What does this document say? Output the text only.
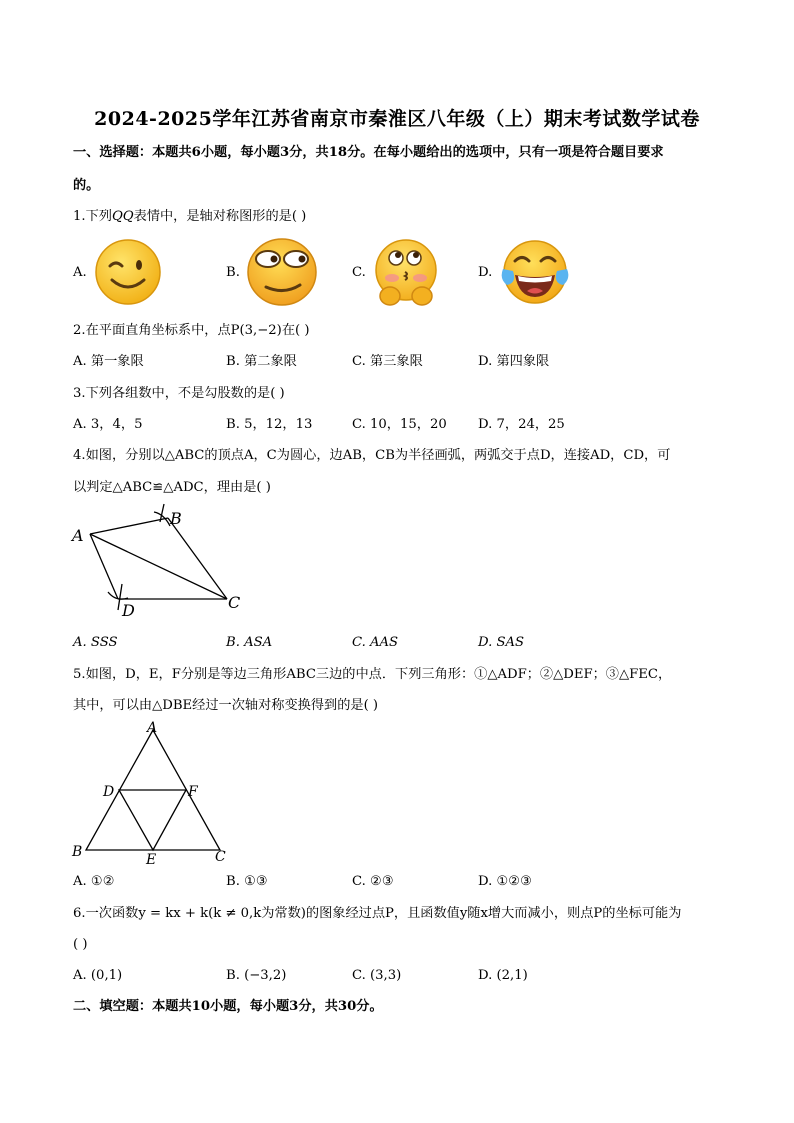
2024-2025学年江苏省南京市秦淮区八年级（上）期末考试数学试卷
一、选择题：本题共6小题，每小题3分，共18分。在每小题给出的选项中，只有一项是符合题目要求
的。
1.下列QQ表情中，是轴对称图形的是( )
A.	B.	C.	D.
2.在平面直角坐标系中，点P(3,−2)在( )
A. 第一象限	B. 第二象限	C. 第三象限	D. 第四象限
3.下列各组数中，不是勾股数的是( )
A. 3，4，5	B. 5，12，13	C. 10，15，20 D. 7，24，25
4.如图，分别以△ABC的顶点A，C为圆心，边AB，CB为半径画弧，两弧交于点D，连接AD，CD，可
以判定△ABC≌△ADC，理由是( )
A
B
C
D
A. SSS	B. ASA	C. AAS	D. SAS
5.如图，D，E，F分别是等边三角形ABC三边的中点．下列三角形：①△ADF；②△DEF；③△FEC，
其中，可以由△DBE经过一次轴对称变换得到的是( )
A
B	C
D
E
F
A. ①②	B. ①③	C. ②③	D. ①②③
6.一次函数y = kx + k(k ≠ 0,k为常数)的图象经过点P，且函数值y随x增大而减小，则点P的坐标可能为
( )
A. (0,1)	B. (−3,2)	C. (3,3)	D. (2,1)
二、填空题：本题共10小题，每小题3分，共30分。
